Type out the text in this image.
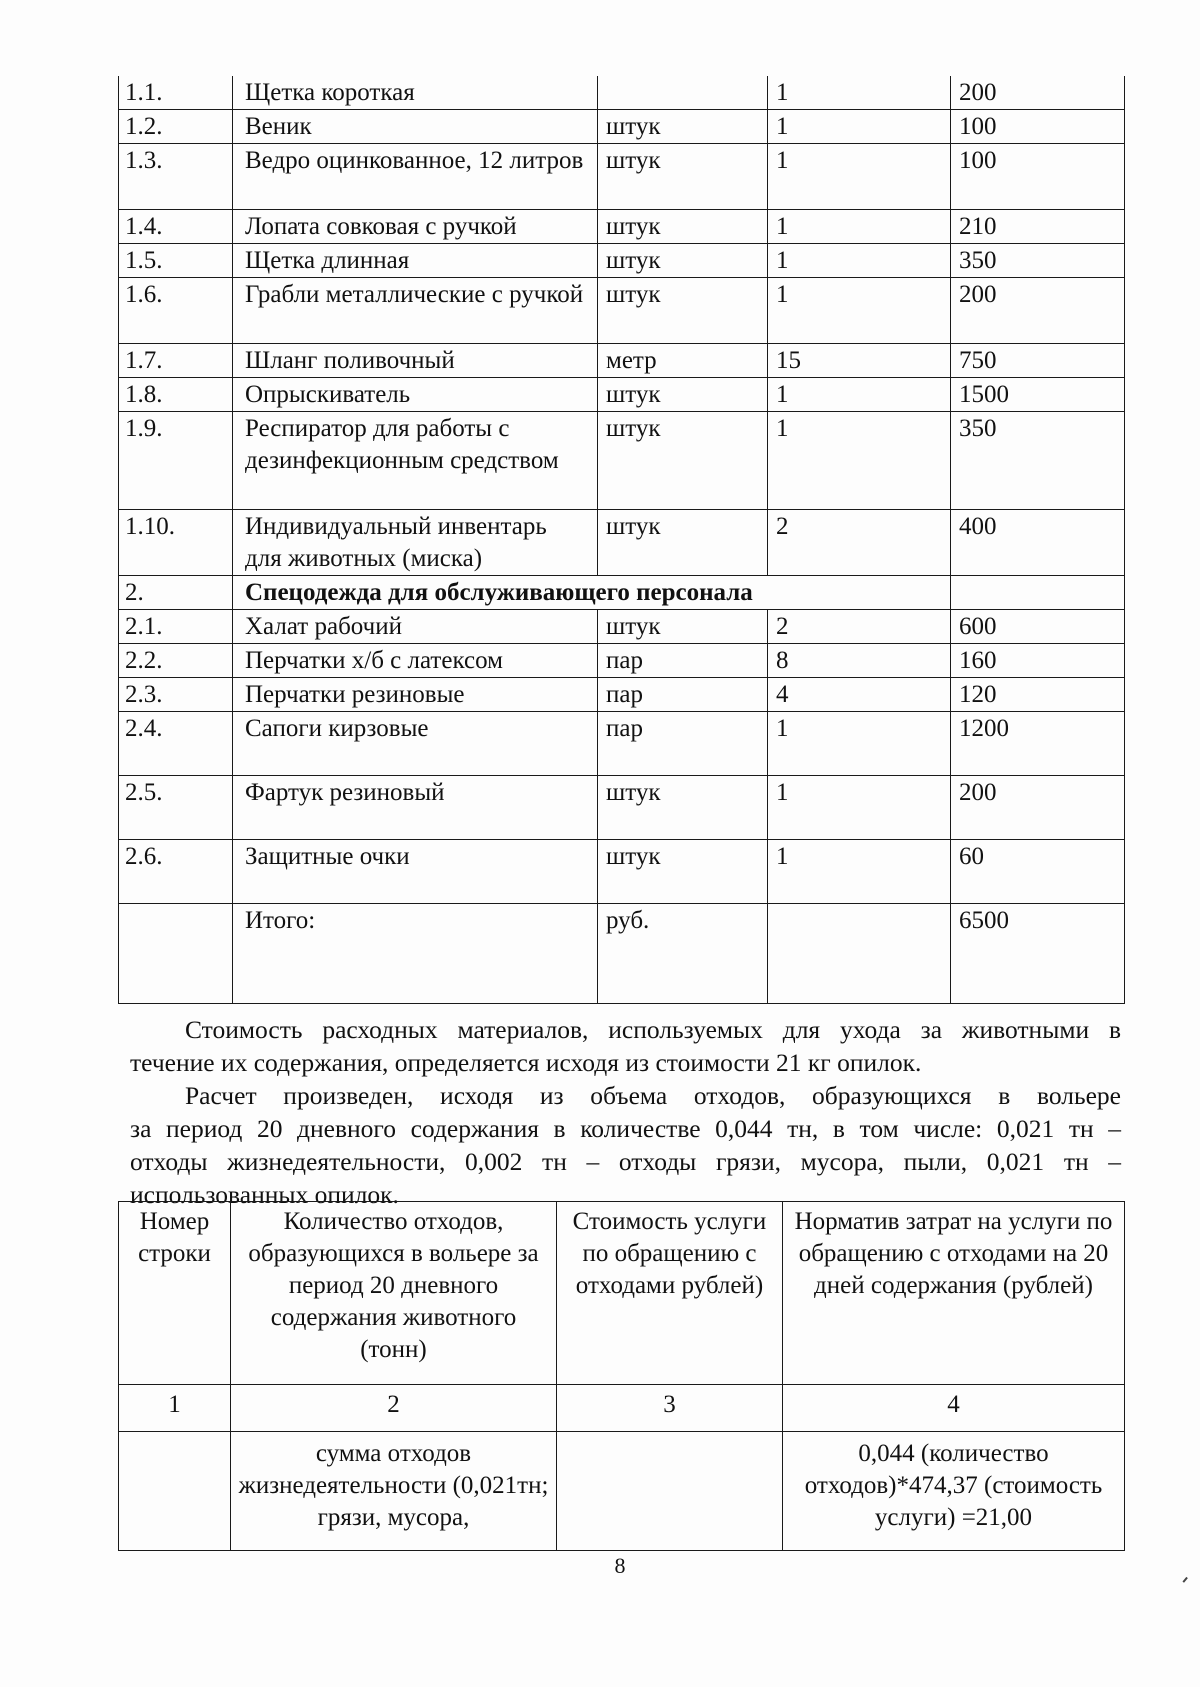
1.1.	Щетка короткая		1	200
1.2.	Веник	штук	1	100
1.3.	Ведро оцинкованное, 12 литров	штук	1	100
1.4.	Лопата совковая с ручкой	штук	1	210
1.5.	Щетка длинная	штук	1	350
1.6.	Грабли металлические с ручкой	штук	1	200
1.7.	Шланг поливочный	метр	15	750
1.8.	Опрыскиватель	штук	1	1500
1.9.	Респиратор для работы с дезинфекционным средством	штук	1	350
1.10.	Индивидуальный инвентарь для животных (миска)	штук	2	400
2.	Спецодежда для обслуживающего персонала			
2.1.	Халат рабочий	штук	2	600
2.2.	Перчатки х/б с латексом	пар	8	160
2.3.	Перчатки резиновые	пар	4	120
2.4.	Сапоги кирзовые	пар	1	1200
2.5.	Фартук резиновый	штук	1	200
2.6.	Защитные очки	штук	1	60
	Итого:	руб.		6500

Стоимость расходных материалов, используемых для ухода за животными в

течение их содержания, определяется исходя из стоимости 21 кг опилок.

Расчет произведен, исходя из объема отходов, образующихся в вольере

за период 20 дневного содержания в количестве 0,044 тн, в том числе: 0,021 тн –

отходы жизнедеятельности, 0,002 тн – отходы грязи, мусора, пыли, 0,021 тн –

использованных опилок.

Номер строки	Количество отходов, образующихся в вольере за период 20 дневного содержания животного (тонн)	Стоимость услуги по обращению с отходами рублей)	Норматив затрат на услуги по обращению с отходами на 20 дней содержания (рублей)
1	2	3	4
	сумма отходов жизнедеятельности (0,021тн; грязи, мусора,		0,044 (количество отходов)*474,37 (стоимость услуги) =21,00
8
